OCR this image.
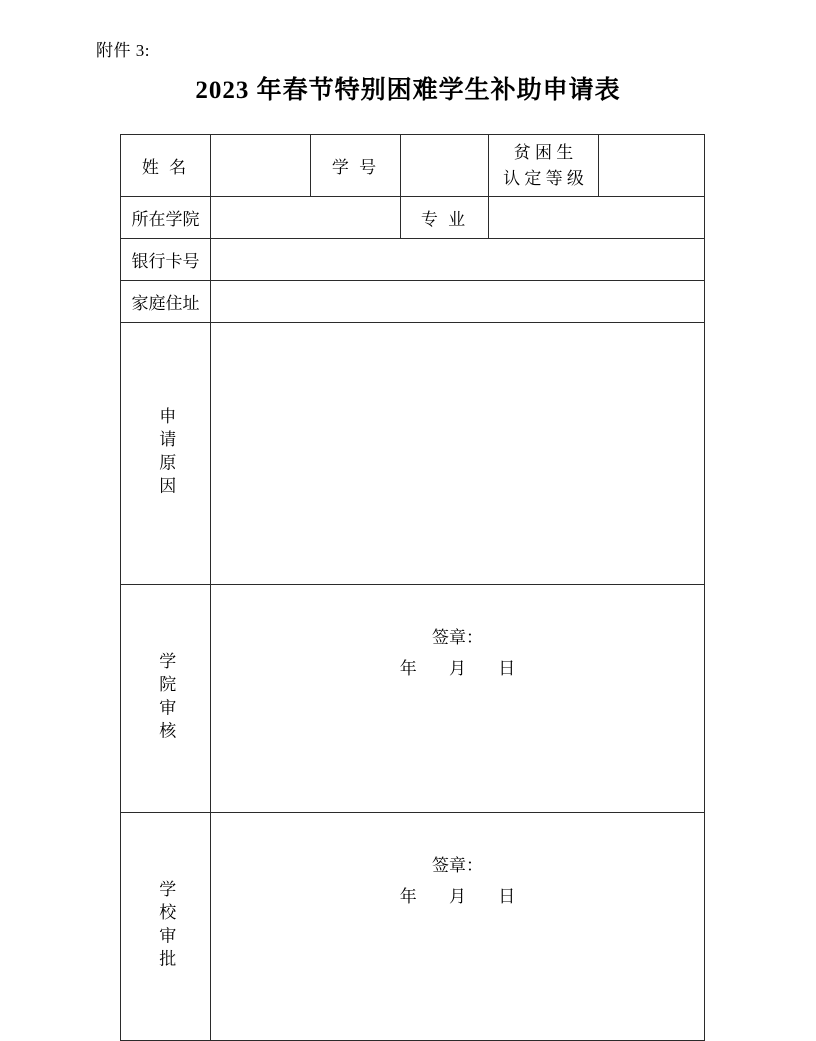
附件 3:
2023 年春节特别困难学生补助申请表
姓 名		学 号		贫 困 生
认 定 等 级	

所在学院			专 业		
银行卡号					
家庭住址					
申 请 原 因					
学 院 审 核	签章：
年 月 日				

学 校 审 批	签章：
年 月 日				
